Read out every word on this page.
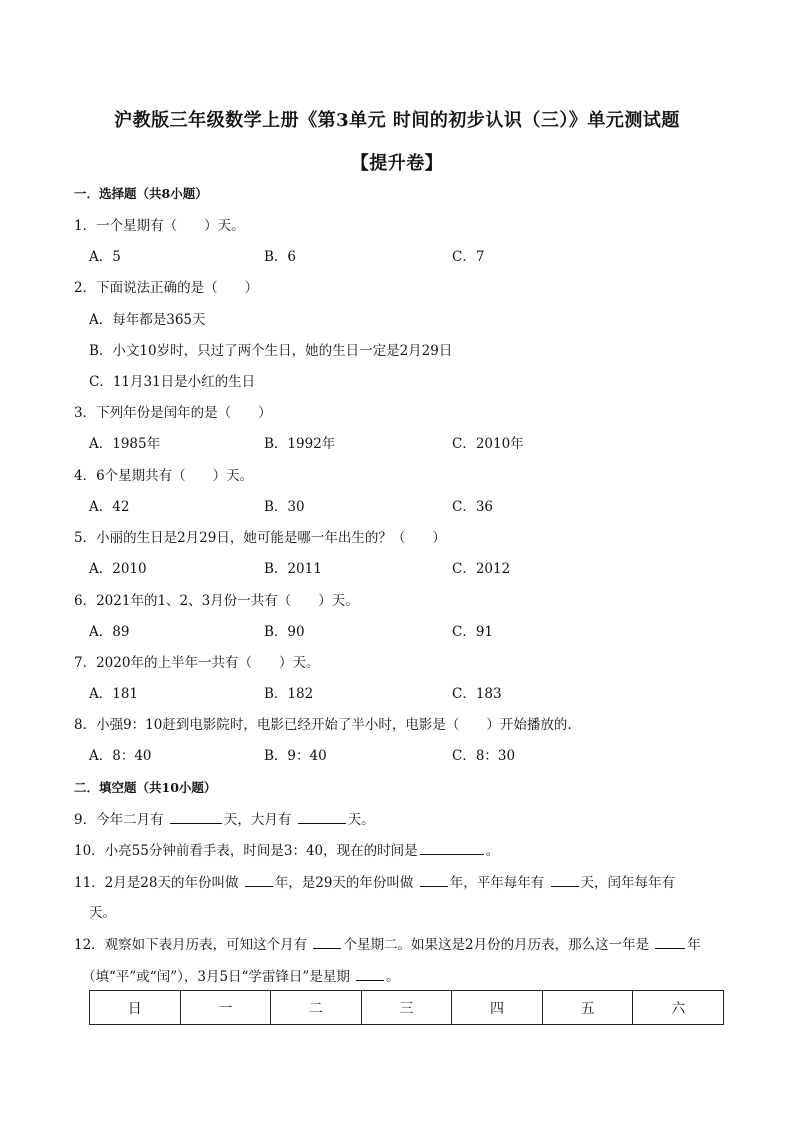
沪教版三年级数学上册《第3单元 时间的初步认识（三）》单元测试题
【提升卷】
一．选择题（共8小题）
1．一个星期有（　　）天。
A．5	B．6	C．7
2．下面说法正确的是（　　）
A．每年都是365天
B．小文10岁时，只过了两个生日，她的生日一定是2月29日
C．11月31日是小红的生日
3．下列年份是闰年的是（　　）
A．1985年	B．1992年	C．2010年
4．6个星期共有（　　）天。
A．42	B．30	C．36
5．小丽的生日是2月29日，她可能是哪一年出生的？（　　）
A．2010	B．2011	C．2012
6．2021年的1、2、3月份一共有（　　）天。
A．89	B．90	C．91
7．2020年的上半年一共有（　　）天。
A．181	B．182	C．183
8．小强9：10赶到电影院时，电影已经开始了半小时，电影是（　　）开始播放的.
A．8：40	B．9：40	C．8：30
二．填空题（共10小题）
9．今年二月有	天，大月有	天。
10．小亮55分钟前看手表，时间是3：40，现在的时间是	。
11．2月是28天的年份叫做 年，是29天的年份叫做 年，平年每年有 天，闰年每年有
天。
12．观察如下表月历表，可知这个月有 个星期二。如果这是2月份的月历表，那么这一年是	年
（填“平”或“闰”），3月5日“学雷锋日”是星期 。
日	一	二	三	四	五	六
